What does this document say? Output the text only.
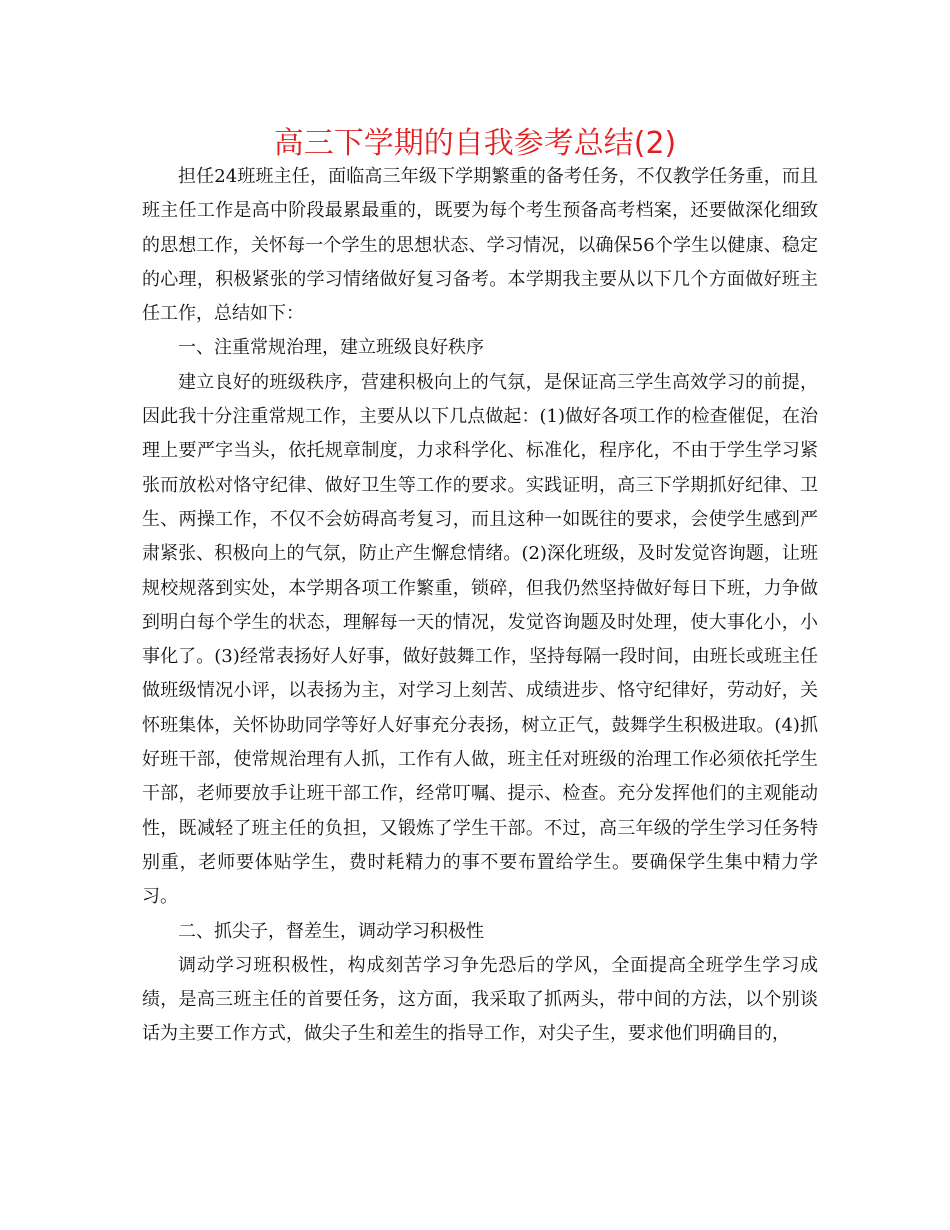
高三下学期的自我参考总结(2)

担任24班班主任，面临高三年级下学期繁重的备考任务，不仅教学任务重，而且班主任工作是高中阶段最累最重的，既要为每个考生预备高考档案，还要做深化细致的思想工作，关怀每一个学生的思想状态、学习情况，以确保56个学生以健康、稳定的心理，积极紧张的学习情绪做好复习备考。本学期我主要从以下几个方面做好班主任工作，总结如下：

一、注重常规治理，建立班级良好秩序

建立良好的班级秩序，营建积极向上的气氛，是保证高三学生高效学习的前提，因此我十分注重常规工作，主要从以下几点做起：(1)做好各项工作的检查催促，在治理上要严字当头，依托规章制度，力求科学化、标准化，程序化，不由于学生学习紧张而放松对恪守纪律、做好卫生等工作的要求。实践证明，高三下学期抓好纪律、卫生、两操工作，不仅不会妨碍高考复习，而且这种一如既往的要求，会使学生感到严肃紧张、积极向上的气氛，防止产生懈怠情绪。(2)深化班级，及时发觉咨询题，让班规校规落到实处，本学期各项工作繁重，锁碎，但我仍然坚持做好每日下班，力争做到明白每个学生的状态，理解每一天的情况，发觉咨询题及时处理，使大事化小，小事化了。(3)经常表扬好人好事，做好鼓舞工作，坚持每隔一段时间，由班长或班主任做班级情况小评，以表扬为主，对学习上刻苦、成绩进步、恪守纪律好，劳动好，关怀班集体，关怀协助同学等好人好事充分表扬，树立正气，鼓舞学生积极进取。(4)抓好班干部，使常规治理有人抓，工作有人做，班主任对班级的治理工作必须依托学生干部，老师要放手让班干部工作，经常叮嘱、提示、检查。充分发挥他们的主观能动性，既减轻了班主任的负担，又锻炼了学生干部。不过，高三年级的学生学习任务特别重，老师要体贴学生，费时耗精力的事不要布置给学生。要确保学生集中精力学习。

二、抓尖子，督差生，调动学习积极性

调动学习班积极性，构成刻苦学习争先恐后的学风，全面提高全班学生学习成绩，是高三班主任的首要任务，这方面，我采取了抓两头，带中间的方法，以个别谈话为主要工作方式，做尖子生和差生的指导工作，对尖子生，要求他们明确目的，
